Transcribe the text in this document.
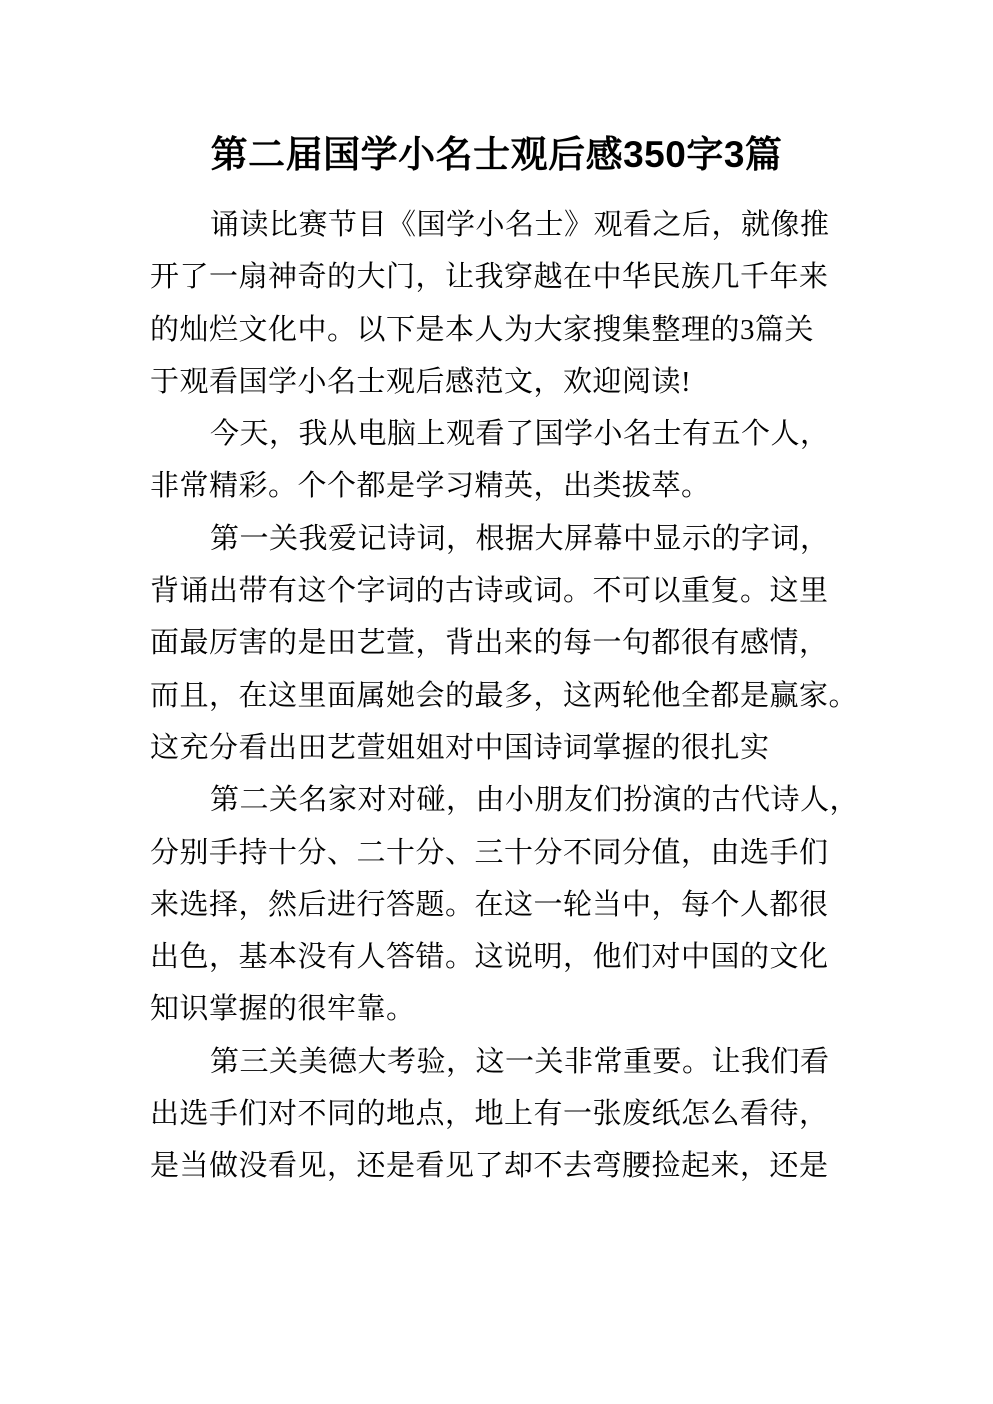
第二届国学小名士观后感350字3篇
诵读比赛节目《国学小名士》观看之后，就像推
开了一扇神奇的大门，让我穿越在中华民族几千年来
的灿烂文化中。以下是本人为大家搜集整理的3篇关
于观看国学小名士观后感范文，欢迎阅读!
今天，我从电脑上观看了国学小名士有五个人，
非常精彩。个个都是学习精英，出类拔萃。
第一关我爱记诗词，根据大屏幕中显示的字词，
背诵出带有这个字词的古诗或词。不可以重复。这里
面最厉害的是田艺萱，背出来的每一句都很有感情，
而且，在这里面属她会的最多，这两轮他全都是赢家。
这充分看出田艺萱姐姐对中国诗词掌握的很扎实
第二关名家对对碰，由小朋友们扮演的古代诗人，
分别手持十分、二十分、三十分不同分值，由选手们
来选择，然后进行答题。在这一轮当中，每个人都很
出色，基本没有人答错。这说明，他们对中国的文化
知识掌握的很牢靠。
第三关美德大考验，这一关非常重要。让我们看
出选手们对不同的地点，地上有一张废纸怎么看待，
是当做没看见，还是看见了却不去弯腰捡起来，还是
